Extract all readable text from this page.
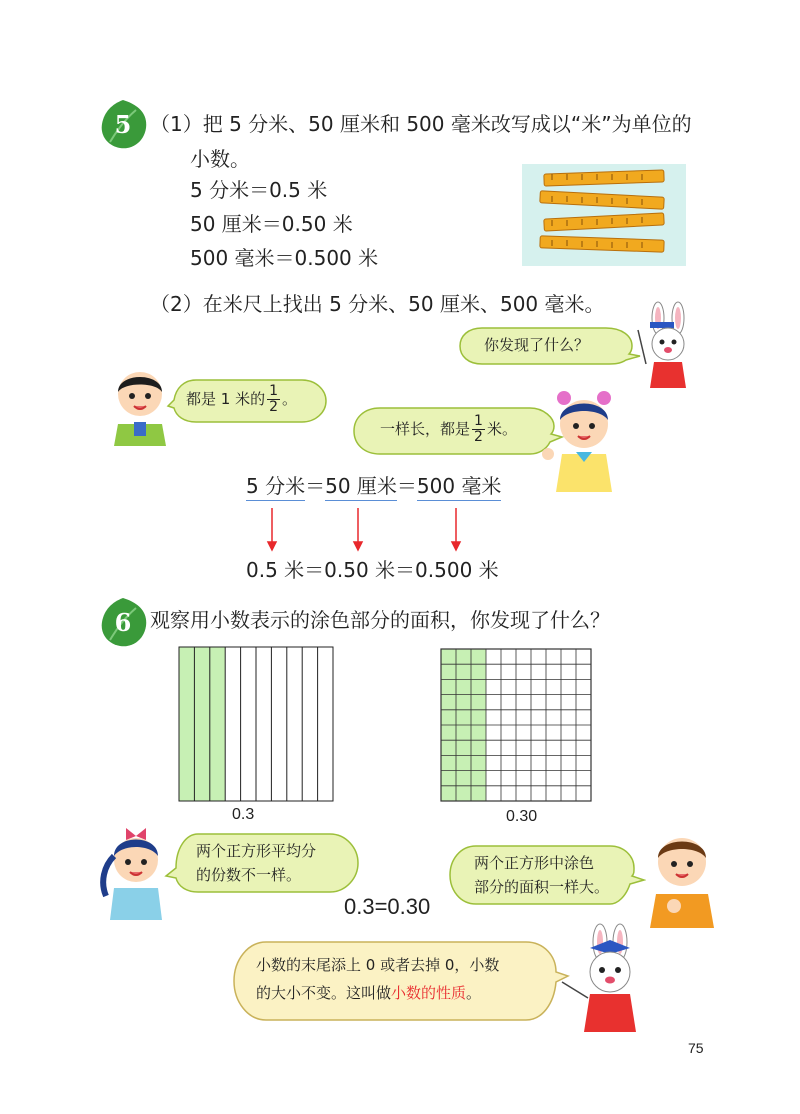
5 （1）把 5 分米、50 厘米和 500 毫米改写成以“米”为单位的
小数。
5 分米＝0.5 米
50 厘米＝0.50 米
500 毫米＝0.500 米
（2）在米尺上找出 5 分米、50 厘米、500 毫米。
你发现了什么？
都是 1 米的 $\frac{1}{2}$ 。
一样长，都是 $\frac{1}{2}$ 米。
5 分米＝50 厘米＝500 毫米
0.5 米＝0.50 米＝0.500 米
6 观察用小数表示的涂色部分的面积，你发现了什么？
0.3	0.30
两个正方形平均分
的份数不一样。
两个正方形中涂色
部分的面积一样大。
0.3=0.30
小数的末尾添上 0 或者去掉 0，小数
的大小不变。这叫做小数的性质。
75
